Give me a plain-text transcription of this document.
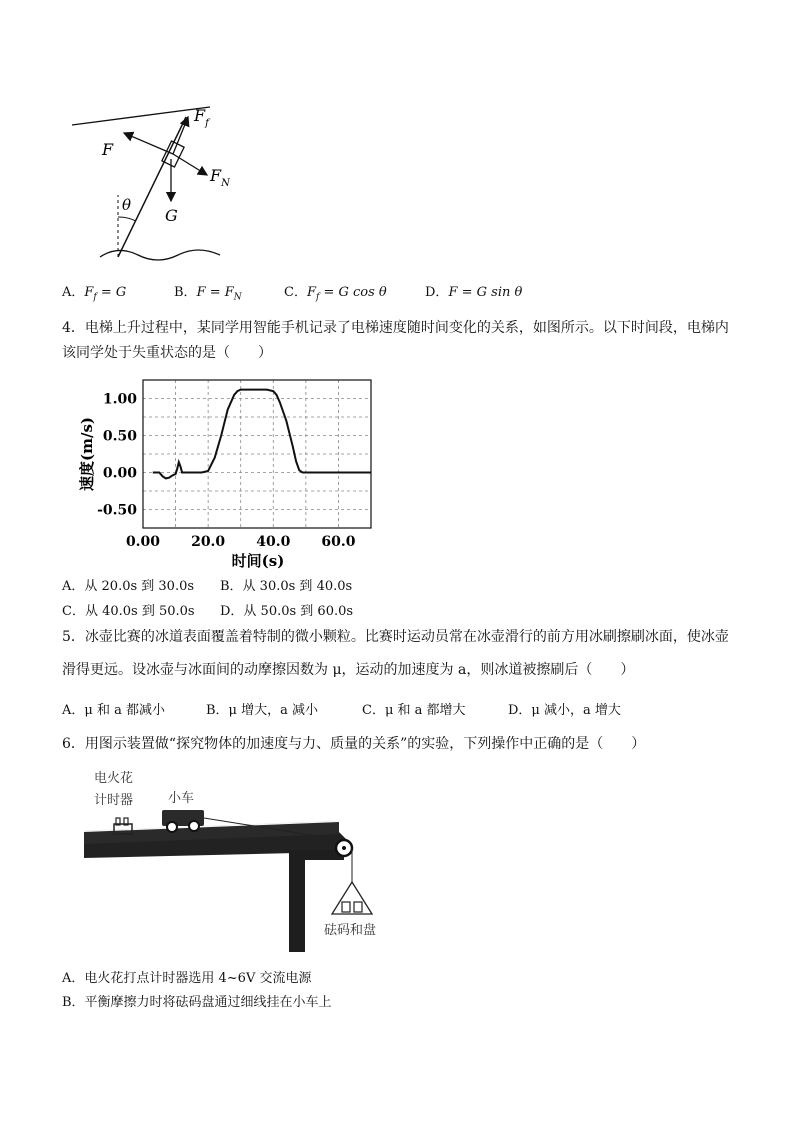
$F_f$
F
$F_N$
G
θ
A．$F_f = G$	B．$F = F_N$	C．$F_f = G$ cos θ	D．F = G sin θ
4．电梯上升过程中，某同学用智能手机记录了电梯速度随时间变化的关系，如图所示。以下时间段，电梯内
该同学处于失重状态的是（　　）
1.00
0.50
0.00
-0.50
0.00 20.0 40.0 60.0
速度(m/s)
时间(s)
A．从 20.0s 到 30.0s B．从 30.0s 到 40.0s
C．从 40.0s 到 50.0s D．从 50.0s 到 60.0s
5．冰壶比赛的冰道表面覆盖着特制的微小颗粒。比赛时运动员常在冰壶滑行的前方用冰刷擦刷冰面，使冰壶
滑得更远。设冰壶与冰面间的动摩擦因数为 μ，运动的加速度为 a，则冰道被擦刷后（　　）
A．μ 和 a 都减小	B．μ 增大，a 减小	C．μ 和 a 都增大	D．μ 减小，a 增大
6．用图示装置做“探究物体的加速度与力、质量的关系”的实验，下列操作中正确的是（　　）
电火花
计时器	小车
砝码和盘
A．电火花打点计时器选用 4~6V 交流电源
B．平衡摩擦力时将砝码盘通过细线挂在小车上
